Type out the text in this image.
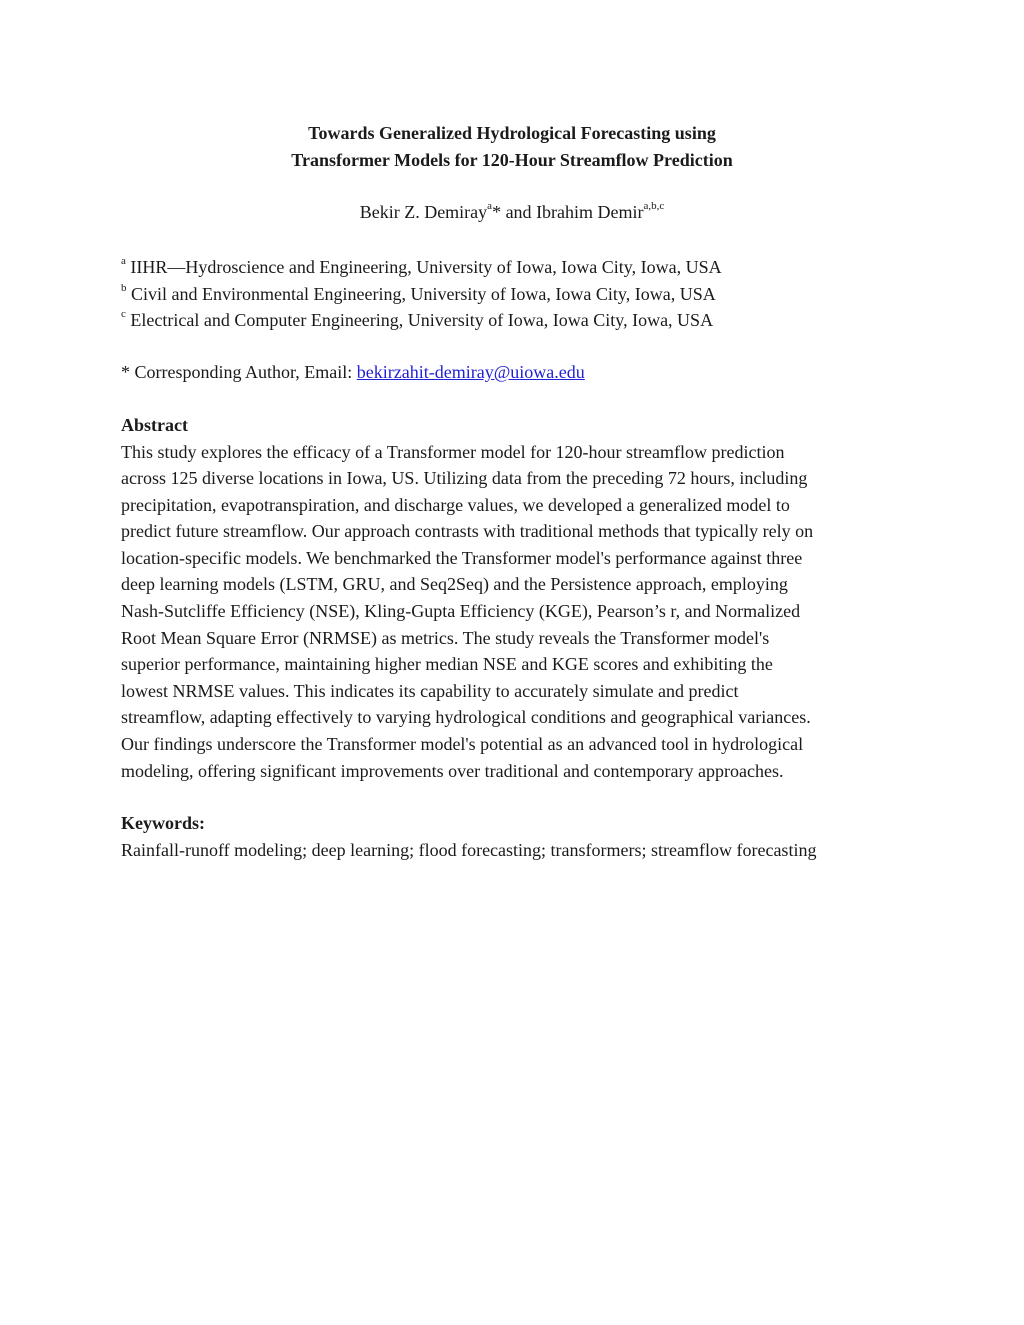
Towards Generalized Hydrological Forecasting using
Transformer Models for 120-Hour Streamflow Prediction
Bekir Z. Demiray$^a$* and Ibrahim Demir$^{a,b,c}$
$^a$ IIHR—Hydroscience and Engineering, University of Iowa, Iowa City, Iowa, USA
$^b$ Civil and Environmental Engineering, University of Iowa, Iowa City, Iowa, USA
$^c$ Electrical and Computer Engineering, University of Iowa, Iowa City, Iowa, USA
* Corresponding Author, Email: bekirzahit-demiray@uiowa.edu
Abstract
This study explores the efficacy of a Transformer model for 120-hour streamflow prediction
across 125 diverse locations in Iowa, US. Utilizing data from the preceding 72 hours, including
precipitation, evapotranspiration, and discharge values, we developed a generalized model to
predict future streamflow. Our approach contrasts with traditional methods that typically rely on
location-specific models. We benchmarked the Transformer model's performance against three
deep learning models (LSTM, GRU, and Seq2Seq) and the Persistence approach, employing
Nash-Sutcliffe Efficiency (NSE), Kling-Gupta Efficiency (KGE), Pearson’s r, and Normalized
Root Mean Square Error (NRMSE) as metrics. The study reveals the Transformer model's
superior performance, maintaining higher median NSE and KGE scores and exhibiting the
lowest NRMSE values. This indicates its capability to accurately simulate and predict
streamflow, adapting effectively to varying hydrological conditions and geographical variances.
Our findings underscore the Transformer model's potential as an advanced tool in hydrological
modeling, offering significant improvements over traditional and contemporary approaches.
Keywords:
Rainfall-runoff modeling; deep learning; flood forecasting; transformers; streamflow forecasting
